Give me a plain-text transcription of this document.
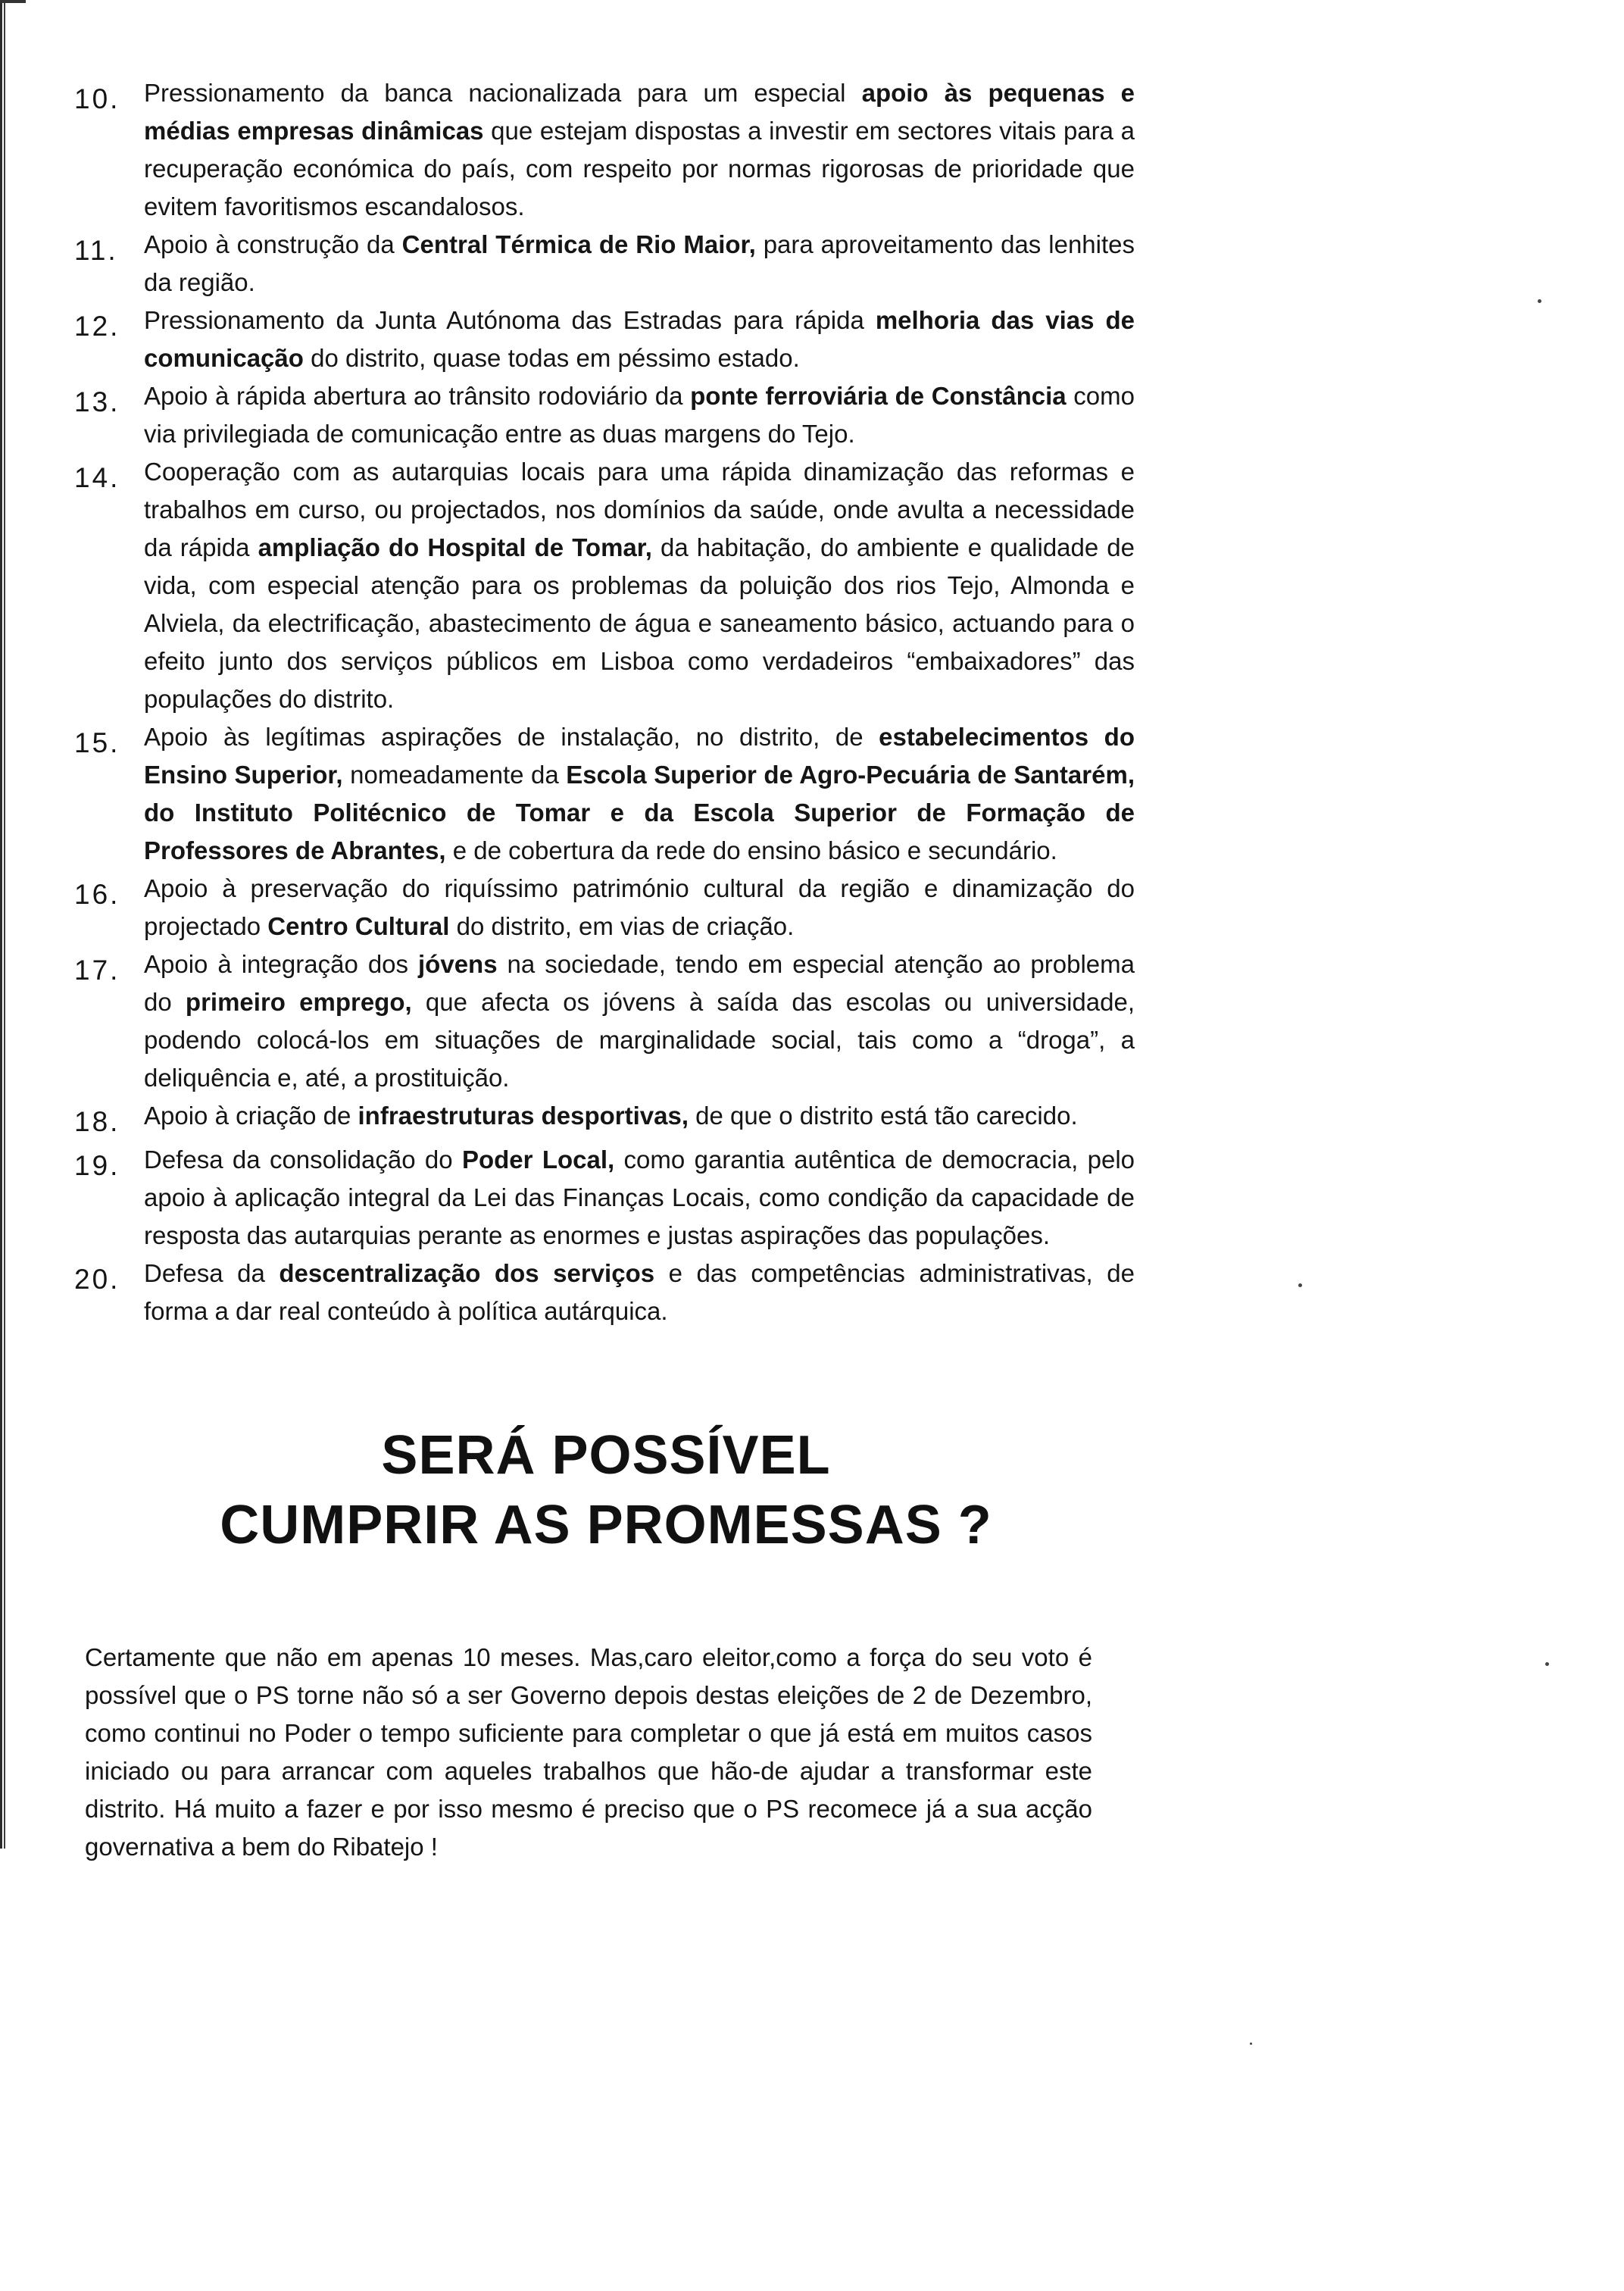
10. Pressionamento da banca nacionalizada para um especial apoio às pequenas e médias empresas dinâmicas que estejam dispostas a investir em sectores vitais para a recuperação económica do país, com respeito por normas rigorosas de prioridade que evitem favoritismos escandalosos.
11.	Apoio à construção da Central Térmica de Rio Maior, para aproveitamento das lenhites da região.
12. Pressionamento da Junta Autónoma das Estradas para rápida melhoria das vias de comunicação do distrito, quase todas em péssimo estado.
13. Apoio à rápida abertura ao trânsito rodoviário da ponte ferroviária de Constância como via privilegiada de comunicação entre as duas margens do Tejo.
14. Cooperação com as autarquias locais para uma rápida dinamização das reformas e trabalhos em curso, ou projectados, nos domínios da saúde, onde avulta a necessidade da rápida ampliação do Hospital de Tomar, da habitação, do ambiente e qualidade de vida, com especial atenção para os problemas da poluição dos rios Tejo, Almonda e Alviela, da electrificação, abastecimento de água e saneamento básico, actuando para o efeito junto dos serviços públicos em Lisboa como verdadeiros “embaixadores” das populações do distrito.
15. Apoio às legítimas aspirações de instalação, no distrito, de estabelecimentos do Ensino Superior, nomeadamente da Escola Superior de Agro-Pecuária de Santarém, do Instituto Politécnico de Tomar e da Escola Superior de Formação de Professores de Abrantes, e de cobertura da rede do ensino básico e secundário.
16. Apoio à preservação do riquíssimo património cultural da região e dinamização do projectado Centro Cultural do distrito, em vias de criação.
17. Apoio à integração dos jóvens na sociedade, tendo em especial atenção ao problema do primeiro emprego, que afecta os jóvens à saída das escolas ou universidade, podendo colocá-los em situações de marginalidade social, tais como a “droga”, a deliquência e, até, a prostituição.
18. Apoio à criação de infraestruturas desportivas, de que o distrito está tão carecido.
19. Defesa da consolidação do Poder Local, como garantia autêntica de democracia, pelo apoio à aplicação integral da Lei das Finanças Locais, como condição da capacidade de resposta das autarquias perante as enormes e justas aspirações das populações.
20. Defesa da descentralização dos serviços e das competências administrativas, de forma a dar real conteúdo à política autárquica.
SERÁ POSSÍVEL
CUMPRIR AS PROMESSAS ?

Certamente que não em apenas 10 meses. Mas,caro eleitor,como a força do seu voto é possível que o PS torne não só a ser Governo depois destas eleições de 2 de Dezembro, como continui no Poder o tempo suficiente para completar o que já está em muitos casos iniciado ou para arrancar com aqueles trabalhos que hão-de ajudar a transformar este distrito. Há muito a fazer e por isso mesmo é preciso que o PS recomece já a sua acção governativa a bem do Ribatejo !
